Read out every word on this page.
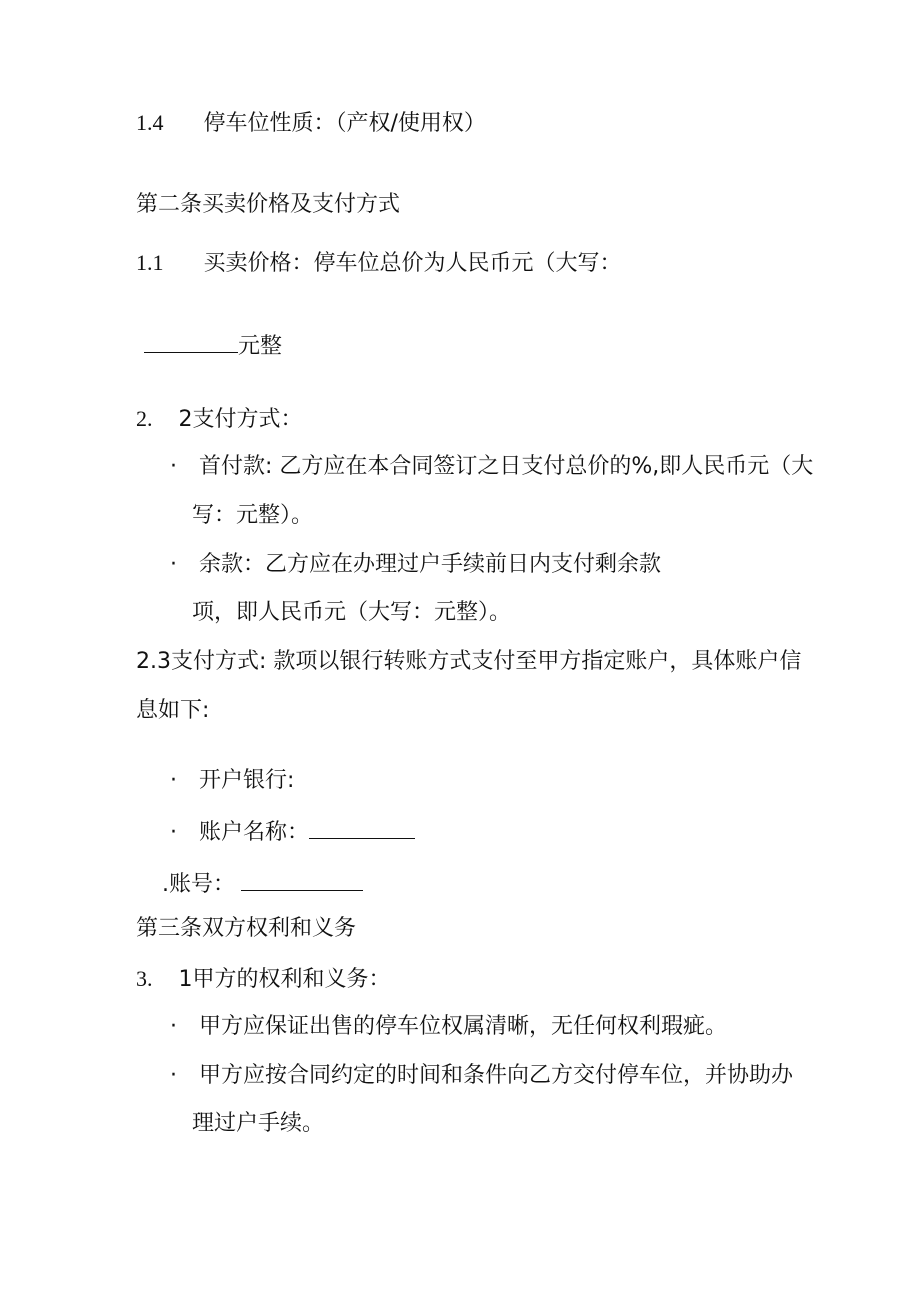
1.4 停车位性质：（产权/使用权）
第二条买卖价格及支付方式
1.1 买卖价格：停车位总价为人民币元（大写：
元整
2. 2支付方式：
· 首付款: 乙方应在本合同签订之日支付总价的%,即人民币元（大
写：元整）。
· 余款：乙方应在办理过户手续前日内支付剩余款
项，即人民币元（大写：元整）。
2.3支付方式: 款项以银行转账方式支付至甲方指定账户，具体账户信
息如下:
· 开户银行:
· 账户名称：
.账号：
第三条双方权利和义务
3. 1甲方的权利和义务：
· 甲方应保证出售的停车位权属清晰，无任何权利瑕疵。
· 甲方应按合同约定的时间和条件向乙方交付停车位，并协助办
理过户手续。
